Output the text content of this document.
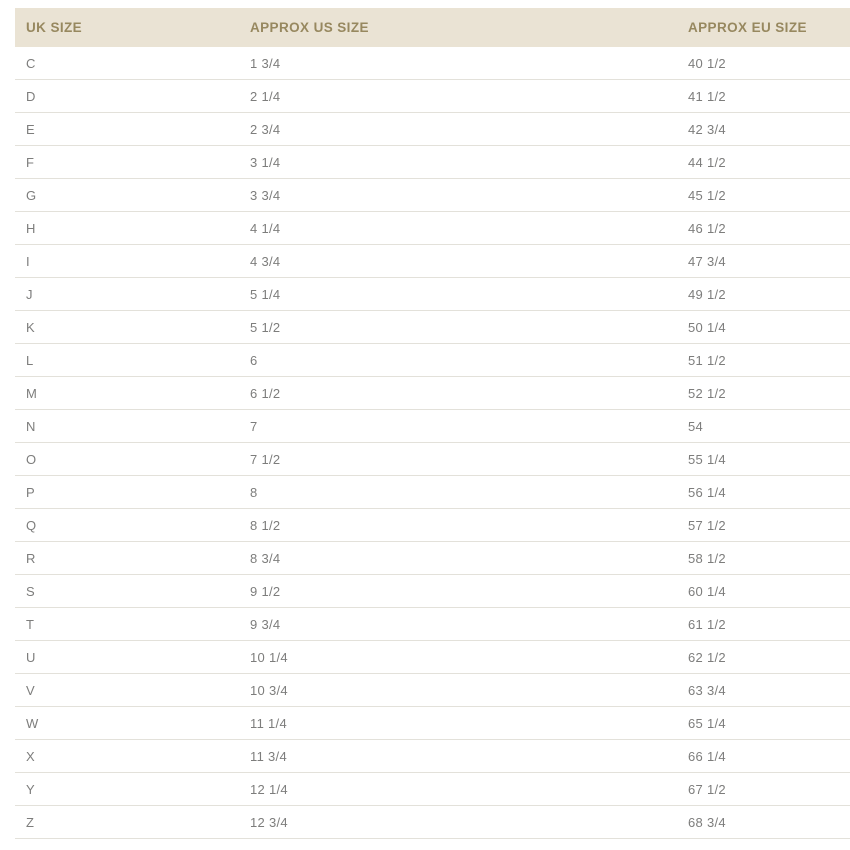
UK SIZE	APPROX US SIZE	APPROX EU SIZE
C	1 3/4	40 1/2
D	2 1/4	41 1/2
E	2 3/4	42 3/4
F	3 1/4	44 1/2
G	3 3/4	45 1/2
H	4 1/4	46 1/2
I	4 3/4	47 3/4
J	5 1/4	49 1/2
K	5 1/2	50 1/4
L	6	51 1/2
M	6 1/2	52 1/2
N	7	54
O	7 1/2	55 1/4
P	8	56 1/4
Q	8 1/2	57 1/2
R	8 3/4	58 1/2
S	9 1/2	60 1/4
T	9 3/4	61 1/2
U	10 1/4	62 1/2
V	10 3/4	63 3/4
W	11 1/4	65 1/4
X	11 3/4	66 1/4
Y	12 1/4	67 1/2
Z	12 3/4	68 3/4
